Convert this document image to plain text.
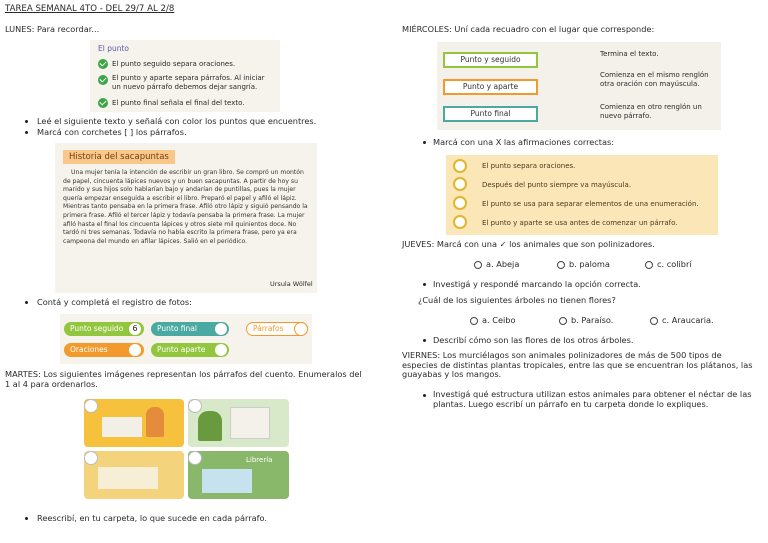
TAREA SEMANAL 4TO - DEL 29/7 AL 2/8
LUNES: Para recordar...
El punto
El punto seguido separa oraciones.
El punto y aparte separa párrafos. Al iniciar un nuevo párrafo debemos dejar sangría.
El punto final señala el final del texto.
Leé el siguiente texto y señalá con color los puntos que encuentres.
Marcá con corchetes [ ] los párrafos.
Historia del sacapuntas
Una mujer tenía la intención de escribir un gran libro. Se compró un montón de papel, cincuenta lápices nuevos y un buen sacapuntas. A partir de hoy su marido y sus hijos solo hablarían bajo y andarían de puntillas, pues la mujer quería empezar enseguida a escribir el libro. Preparó el papel y afiló el lápiz. Mientras tanto pensaba en la primera frase. Afiló otro lápiz y siguió pensando la primera frase. Afiló el tercer lápiz y todavía pensaba la primera frase. La mujer afiló hasta el final los cincuenta lápices y otros siete mil quinientos doce. No tardó ni tres semanas. Todavía no había escrito la primera frase, pero ya era campeona del mundo en afilar lápices. Salió en el periódico.
Ursula Wölfel
Contá y completá el registro de fotos:
Punto seguido	6	Punto final	Párrafos
Oraciones	Punto aparte
MARTES: Los siguientes imágenes representan los párrafos del cuento. Enumeralos del 1 al 4 para ordenarlos.
Librería
Reescribí, en tu carpeta, lo que sucede en cada párrafo.
MIÉRCOLES: Uní cada recuadro con el lugar que corresponde:
Punto y seguido
Punto y aparte
Punto final
Termina el texto.
Comienza en el mismo renglón otra oración con mayúscula.
Comienza en otro renglón un nuevo párrafo.
Marcá con una X las afirmaciones correctas:
El punto separa oraciones.
Después del punto siempre va mayúscula.
El punto se usa para separar elementos de una enumeración.
El punto y aparte se usa antes de comenzar un párrafo.
JUEVES: Marcá con una ✓ los animales que son polinizadores.
a. Abeja	b. paloma	c. colibrí
Investigá y respondé marcando la opción correcta.
¿Cuál de los siguientes árboles no tienen flores?
a. Ceibo	b. Paraíso.	c. Araucaria.
Describí cómo son las flores de los otros árboles.
VIERNES: Los murciélagos son animales polinizadores de más de 500 tipos de especies de distintas plantas tropicales, entre las que se encuentran los plátanos, las guayabas y los mangos.
Investigá qué estructura utilizan estos animales para obtener el néctar de las plantas. Luego escribí un párrafo en tu carpeta donde lo expliques.
